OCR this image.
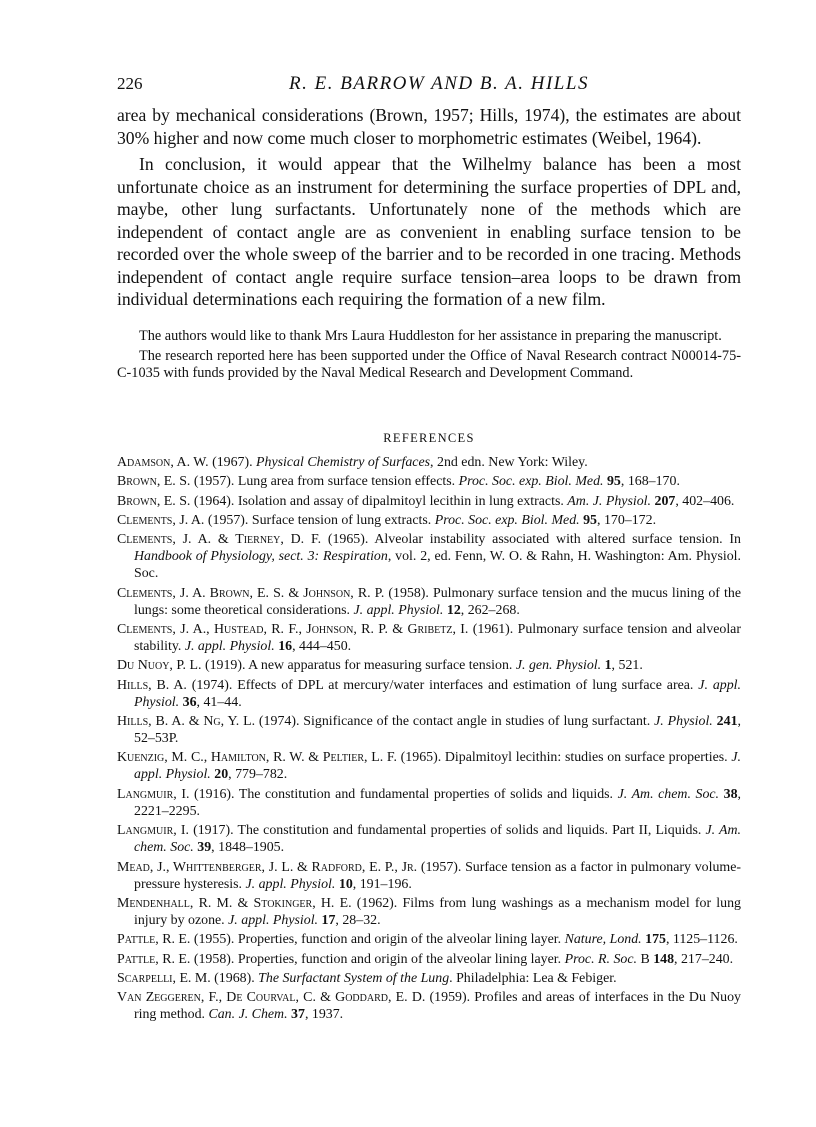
226	R. E. BARROW AND B. A. HILLS

area by mechanical considerations (Brown, 1957; Hills, 1974), the estimates are about 30% higher and now come much closer to morphometric estimates (Weibel, 1964).

In conclusion, it would appear that the Wilhelmy balance has been a most unfortunate choice as an instrument for determining the surface properties of DPL and, maybe, other lung surfactants. Unfortunately none of the methods which are independent of contact angle are as convenient in enabling surface tension to be recorded over the whole sweep of the barrier and to be recorded in one tracing. Methods independent of contact angle require surface tension–area loops to be drawn from individual determinations each requiring the formation of a new film.

The authors would like to thank Mrs Laura Huddleston for her assistance in preparing the manuscript.

The research reported here has been supported under the Office of Naval Research contract N00014-75-C-1035 with funds provided by the Naval Medical Research and Development Command.

REFERENCES

Adamson, A. W. (1967). Physical Chemistry of Surfaces, 2nd edn. New York: Wiley.

Brown, E. S. (1957). Lung area from surface tension effects. Proc. Soc. exp. Biol. Med. 95, 168–170.

Brown, E. S. (1964). Isolation and assay of dipalmitoyl lecithin in lung extracts. Am. J. Physiol. 207, 402–406.

Clements, J. A. (1957). Surface tension of lung extracts. Proc. Soc. exp. Biol. Med. 95, 170–172.

Clements, J. A. & Tierney, D. F. (1965). Alveolar instability associated with altered surface tension. In Handbook of Physiology, sect. 3: Respiration, vol. 2, ed. Fenn, W. O. & Rahn, H. Washington: Am. Physiol. Soc.

Clements, J. A. Brown, E. S. & Johnson, R. P. (1958). Pulmonary surface tension and the mucus lining of the lungs: some theoretical considerations. J. appl. Physiol. 12, 262–268.

Clements, J. A., Hustead, R. F., Johnson, R. P. & Gribetz, I. (1961). Pulmonary surface tension and alveolar stability. J. appl. Physiol. 16, 444–450.

Du Nuoy, P. L. (1919). A new apparatus for measuring surface tension. J. gen. Physiol. 1, 521.

Hills, B. A. (1974). Effects of DPL at mercury/water interfaces and estimation of lung surface area. J. appl. Physiol. 36, 41–44.

Hills, B. A. & Ng, Y. L. (1974). Significance of the contact angle in studies of lung surfactant. J. Physiol. 241, 52–53P.

Kuenzig, M. C., Hamilton, R. W. & Peltier, L. F. (1965). Dipalmitoyl lecithin: studies on surface properties. J. appl. Physiol. 20, 779–782.

Langmuir, I. (1916). The constitution and fundamental properties of solids and liquids. J. Am. chem. Soc. 38, 2221–2295.

Langmuir, I. (1917). The constitution and fundamental properties of solids and liquids. Part II, Liquids. J. Am. chem. Soc. 39, 1848–1905.

Mead, J., Whittenberger, J. L. & Radford, E. P., Jr. (1957). Surface tension as a factor in pulmonary volume-pressure hysteresis. J. appl. Physiol. 10, 191–196.

Mendenhall, R. M. & Stokinger, H. E. (1962). Films from lung washings as a mechanism model for lung injury by ozone. J. appl. Physiol. 17, 28–32.

Pattle, R. E. (1955). Properties, function and origin of the alveolar lining layer. Nature, Lond. 175, 1125–1126.

Pattle, R. E. (1958). Properties, function and origin of the alveolar lining layer. Proc. R. Soc. B 148, 217–240.

Scarpelli, E. M. (1968). The Surfactant System of the Lung. Philadelphia: Lea & Febiger.

Van Zeggeren, F., De Courval, C. & Goddard, E. D. (1959). Profiles and areas of interfaces in the Du Nuoy ring method. Can. J. Chem. 37, 1937.
